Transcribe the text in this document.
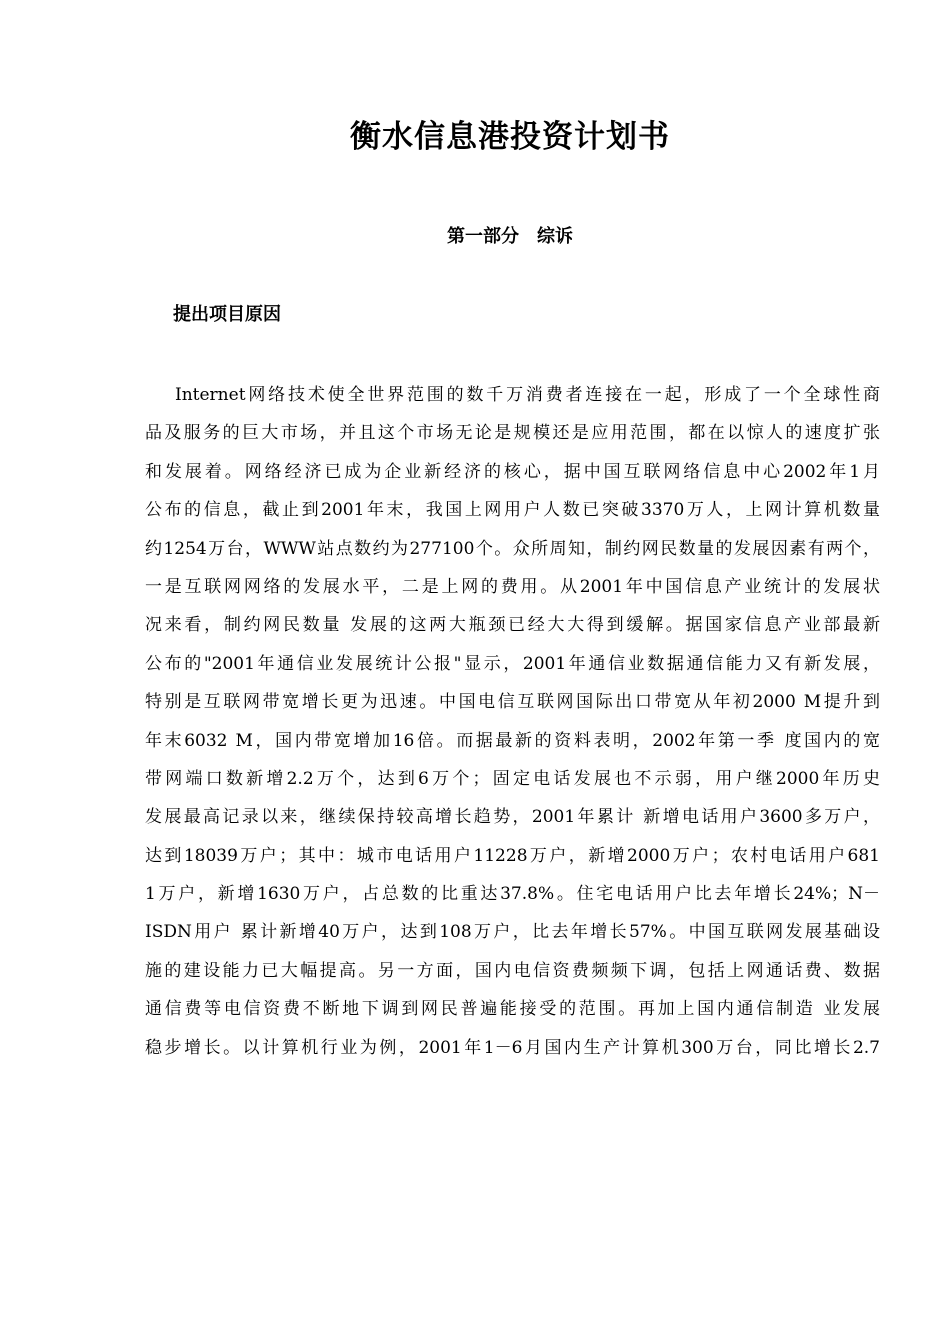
衡水信息港投资计划书
第一部分　综诉
提出项目原因
Internet网络技术使全世界范围的数千万消费者连接在一起，形成了一个全球性商
品及服务的巨大市场，并且这个市场无论是规模还是应用范围，都在以惊人的速度扩张
和发展着。网络经济已成为企业新经济的核心，据中国互联网络信息中心2002年1月
公布的信息，截止到2001年末，我国上网用户人数已突破3370万人，上网计算机数量
约1254万台，WWW站点数约为277100个。众所周知，制约网民数量的发展因素有两个，
一是互联网网络的发展水平，二是上网的费用。从2001年中国信息产业统计的发展状
况来看，制约网民数量 发展的这两大瓶颈已经大大得到缓解。据国家信息产业部最新
公布的"2001年通信业发展统计公报"显示，2001年通信业数据通信能力又有新发展，
特别是互联网带宽增长更为迅速。中国电信互联网国际出口带宽从年初2000 M提升到
年末6032 M，国内带宽增加16倍。而据最新的资料表明，2002年第一季 度国内的宽
带网端口数新增2.2万个，达到6万个；固定电话发展也不示弱，用户继2000年历史
发展最高记录以来，继续保持较高增长趋势，2001年累计 新增电话用户3600多万户，
达到18039万户；其中：城市电话用户11228万户，新增2000万户；农村电话用户681
1万户，新增1630万户，占总数的比重达37.8%。住宅电话用户比去年增长24%；N－
ISDN用户 累计新增40万户，达到108万户，比去年增长57%。中国互联网发展基础设
施的建设能力已大幅提高。另一方面，国内电信资费频频下调，包括上网通话费、数据
通信费等电信资费不断地下调到网民普遍能接受的范围。再加上国内通信制造 业发展
稳步增长。以计算机行业为例，2001年1－6月国内生产计算机300万台，同比增长2.7
